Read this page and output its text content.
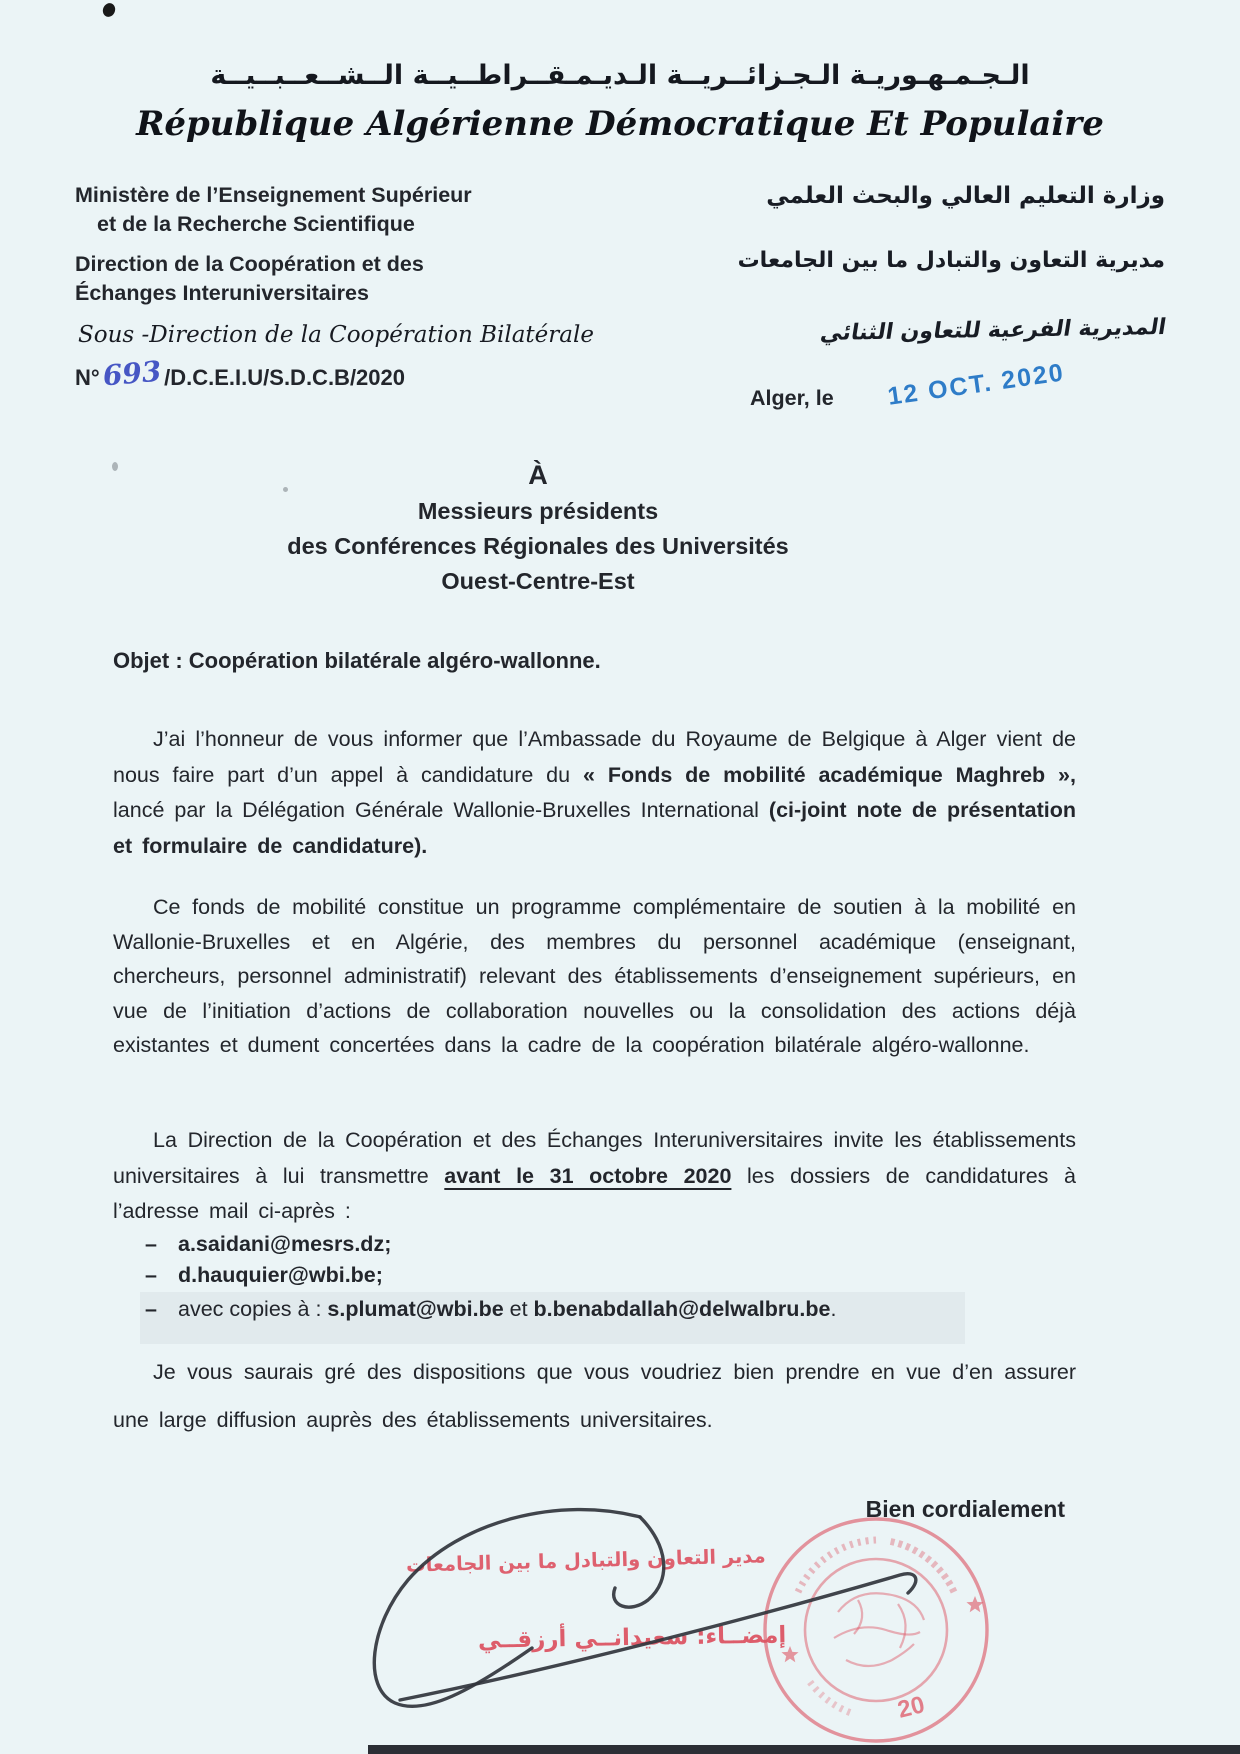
الـجـمـهـوريـة الـجـزائــريــة الـديـمـقــراطــيــة الــشــعــبــيــة
République Algérienne Démocratique Et Populaire
Ministère de l’Enseignement Supérieur
et de la Recherche Scientifique
Direction de la Coopération et des
Échanges Interuniversitaires
Sous -Direction de la Coopération Bilatérale
N°693/D.C.E.I.U/S.D.C.B/2020
وزارة التعليم العالي والبحث العلمي
مديرية التعاون والتبادل ما بين الجامعات
المديرية الفرعية للتعاون الثنائي
Alger, le 12 OCT. 2020
À
Messieurs présidents
des Conférences Régionales des Universités
Ouest-Centre-Est
Objet : Coopération bilatérale algéro-wallonne.
J’ai l’honneur de vous informer que l’Ambassade du Royaume de Belgique à Alger vient de nous faire part d’un appel à candidature du « Fonds de mobilité académique Maghreb », lancé par la Délégation Générale Wallonie-Bruxelles International (ci-joint note de présentation et formulaire de candidature).
Ce fonds de mobilité constitue un programme complémentaire de soutien à la mobilité en Wallonie-Bruxelles et en Algérie, des membres du personnel académique (enseignant, chercheurs, personnel administratif) relevant des établissements d’enseignement supérieurs, en vue de l’initiation d’actions de collaboration nouvelles ou la consolidation des actions déjà existantes et dument concertées dans la cadre de la coopération bilatérale algéro-wallonne.
La Direction de la Coopération et des Échanges Interuniversitaires invite les établissements universitaires à lui transmettre avant le 31 octobre 2020 les dossiers de candidatures à l’adresse mail ci-après :
– a.saidani@mesrs.dz;
– d.hauquier@wbi.be;
– avec copies à : s.plumat@wbi.be et b.benabdallah@delwalbru.be.
Je vous saurais gré des dispositions que vous voudriez bien prendre en vue d’en assurer une large diffusion auprès des établissements universitaires.
Bien cordialement
20
مدير التعاون والتبادل ما بين الجامعات
إمضــاء: سعيدانــي أرزقــي
